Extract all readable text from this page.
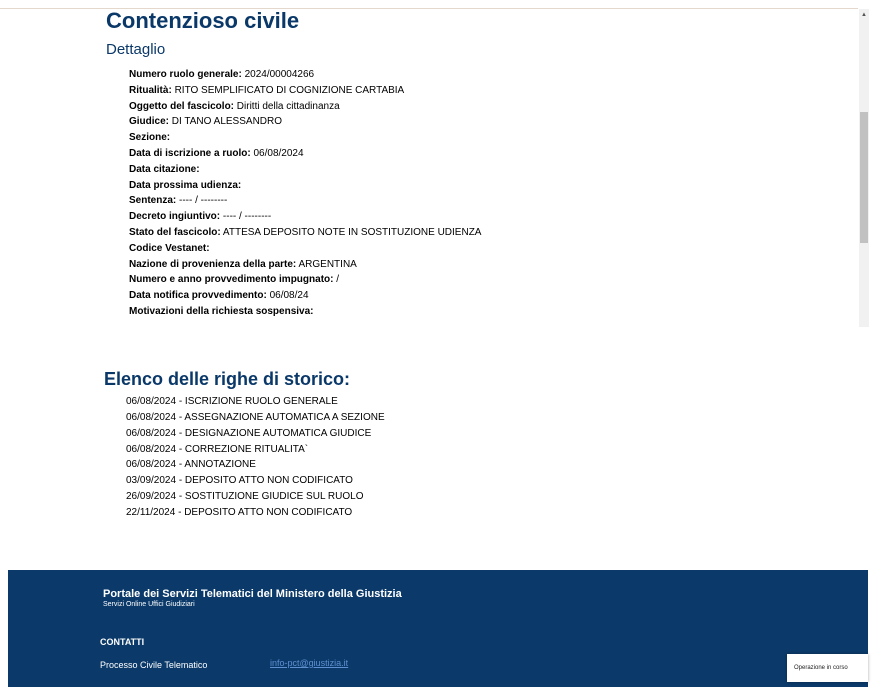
Contenzioso civile
Dettaglio
Numero ruolo generale: 2024/00004266
Ritualità: RITO SEMPLIFICATO DI COGNIZIONE CARTABIA
Oggetto del fascicolo: Diritti della cittadinanza
Giudice: DI TANO ALESSANDRO
Sezione:
Data di iscrizione a ruolo: 06/08/2024
Data citazione:
Data prossima udienza:
Sentenza: ---- / --------
Decreto ingiuntivo: ---- / --------
Stato del fascicolo: ATTESA DEPOSITO NOTE IN SOSTITUZIONE UDIENZA
Codice Vestanet:
Nazione di provenienza della parte: ARGENTINA
Numero e anno provvedimento impugnato: /
Data notifica provvedimento: 06/08/24
Motivazioni della richiesta sospensiva:
▲
Elenco delle righe di storico:
06/08/2024 - ISCRIZIONE RUOLO GENERALE
06/08/2024 - ASSEGNAZIONE AUTOMATICA A SEZIONE
06/08/2024 - DESIGNAZIONE AUTOMATICA GIUDICE
06/08/2024 - CORREZIONE RITUALITA`
06/08/2024 - ANNOTAZIONE
03/09/2024 - DEPOSITO ATTO NON CODIFICATO
26/09/2024 - SOSTITUZIONE GIUDICE SUL RUOLO
22/11/2024 - DEPOSITO ATTO NON CODIFICATO
Portale dei Servizi Telematici del Ministero della Giustizia
Servizi Online Uffici Giudiziari
CONTATTI
Processo Civile Telematico	info-pct@giustizia.it	Operazione in corso
